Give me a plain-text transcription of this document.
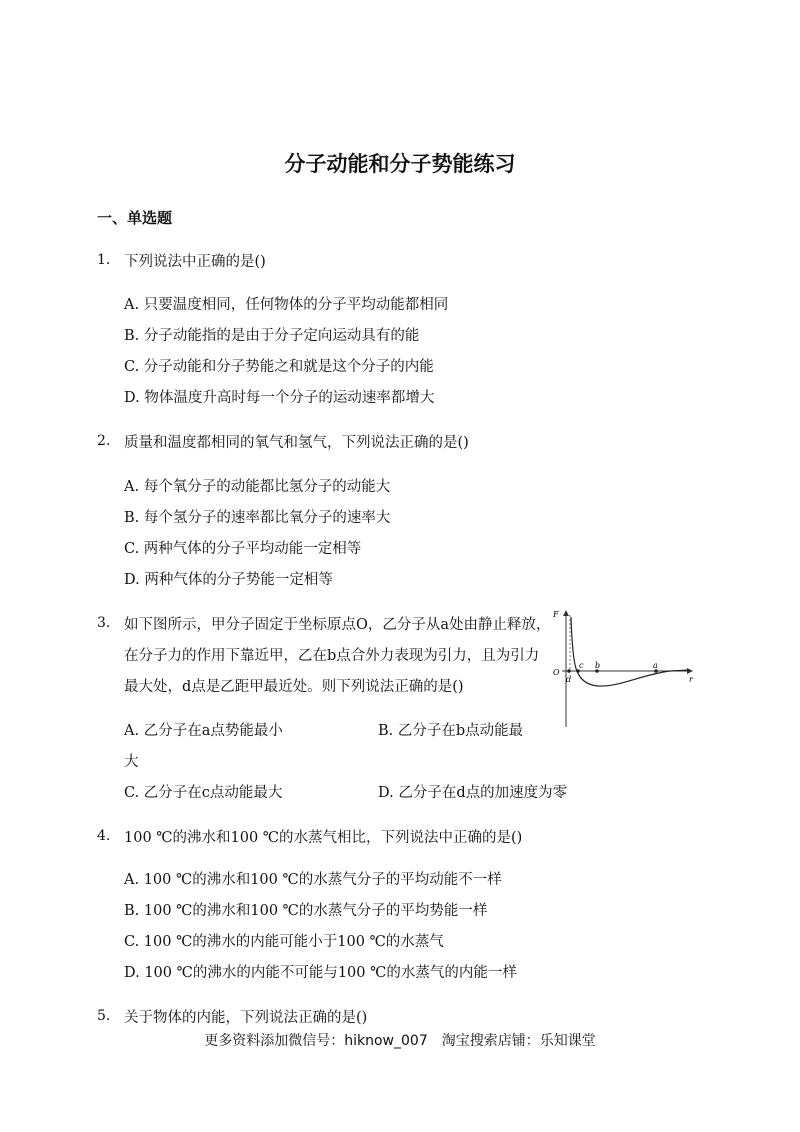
分子动能和分子势能练习
一、单选题
1. 下列说法中正确的是()
A. 只要温度相同，任何物体的分子平均动能都相同
B. 分子动能指的是由于分子定向运动具有的能
C. 分子动能和分子势能之和就是这个分子的内能
D. 物体温度升高时每一个分子的运动速率都增大
2. 质量和温度都相同的氧气和氢气，下列说法正确的是()
A. 每个氧分子的动能都比氢分子的动能大
B. 每个氢分子的速率都比氧分子的速率大
C. 两种气体的分子平均动能一定相等
D. 两种气体的分子势能一定相等
3. 如下图所示，甲分子固定于坐标原点O，乙分子从a处由静止释放，
在分子力的作用下靠近甲，乙在b点合外力表现为引力，且为引力
最大处，d点是乙距甲最近处。则下列说法正确的是()
F
O
r
a
b
c
d
A. 乙分子在a点势能最小	B. 乙分子在b点动能最
大
C. 乙分子在c点动能最大	D. 乙分子在d点的加速度为零
4. 100 ℃的沸水和100 ℃的水蒸气相比，下列说法中正确的是()
A. 100 ℃的沸水和100 ℃的水蒸气分子的平均动能不一样
B. 100 ℃的沸水和100 ℃的水蒸气分子的平均势能一样
C. 100 ℃的沸水的内能可能小于100 ℃的水蒸气
D. 100 ℃的沸水的内能不可能与100 ℃的水蒸气的内能一样
5. 关于物体的内能，下列说法正确的是()
更多资料添加微信号：hiknow_007　淘宝搜索店铺：乐知课堂
